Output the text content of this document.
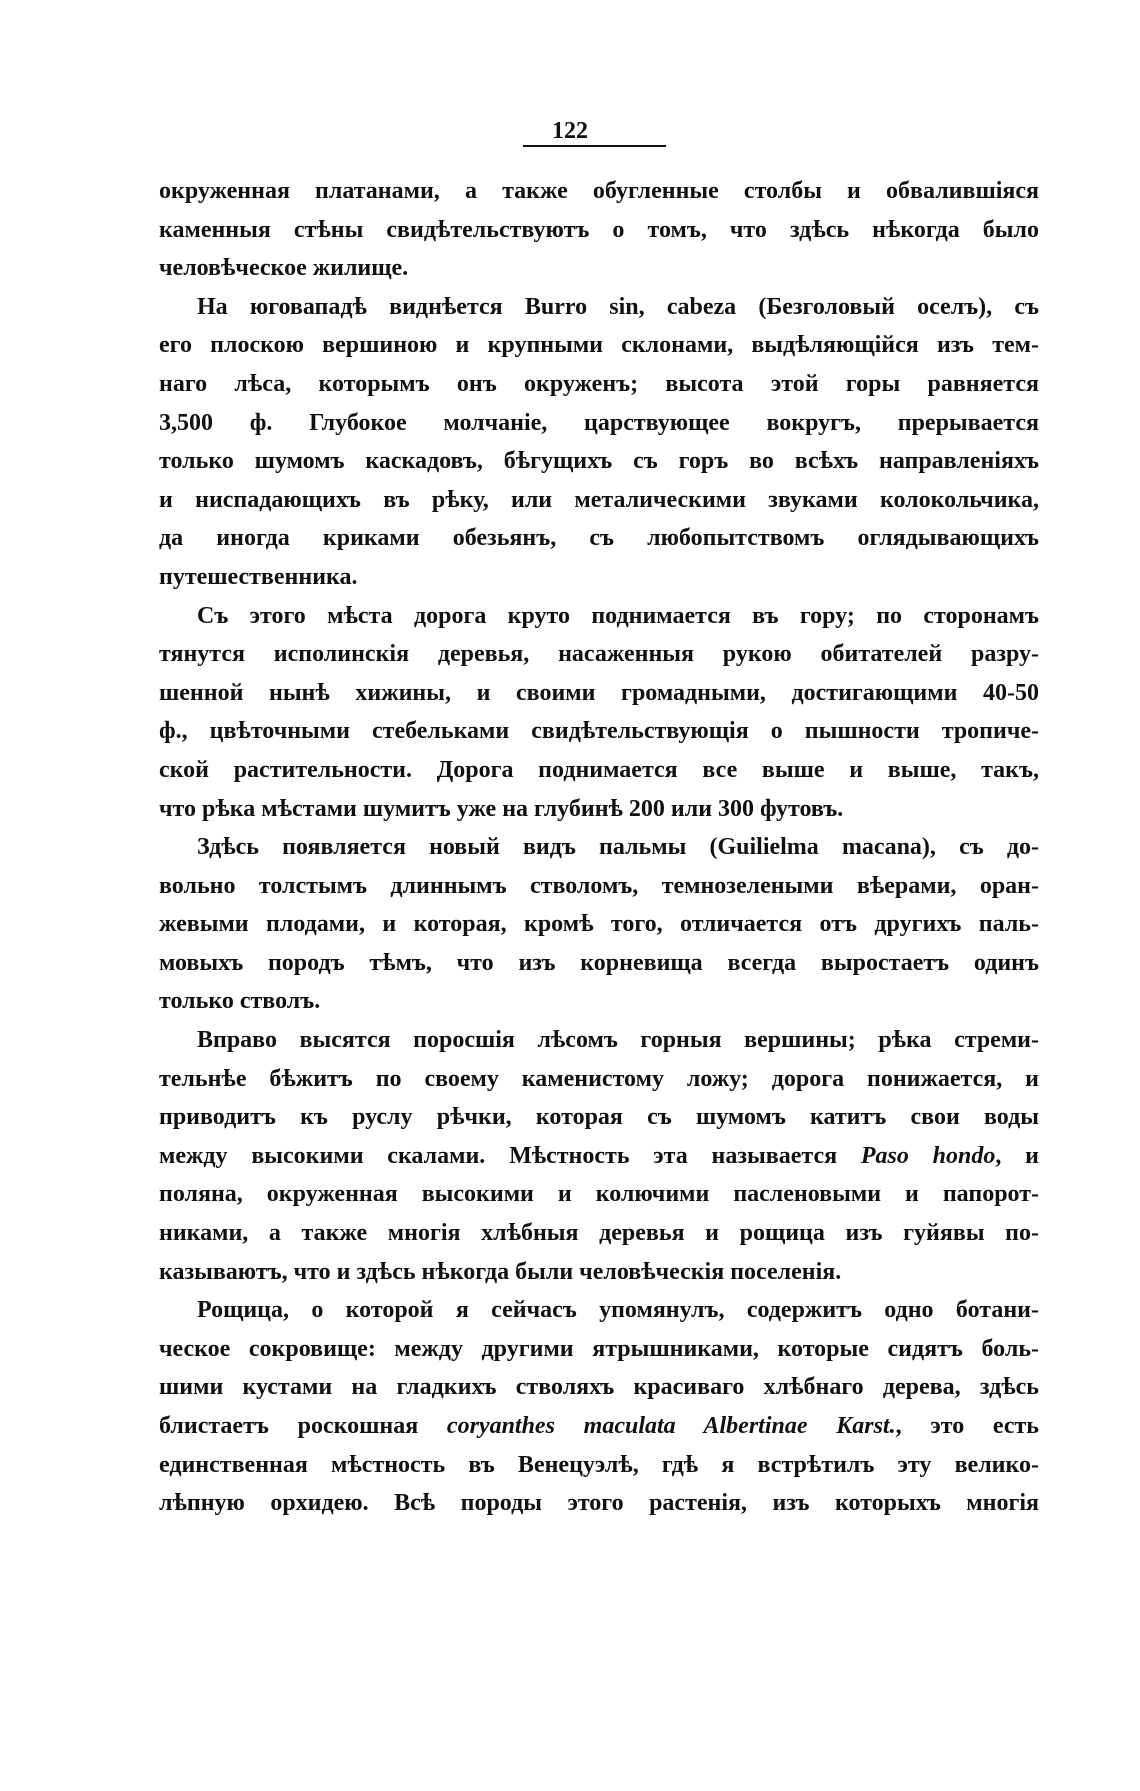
122

окруженная платанами, а также обугленные столбы и обвалившiяся
каменныя стѣны свидѣтельствуютъ о томъ, что здѣсь нѣкогда было
человѣческое жилище.

На юговападѣ виднѣется Burro sin, cabeza (Безголовый оселъ), съ
его плоскою вершиною и крупными склонами, выдѣляющiйся изъ тем-
наго лѣса, которымъ онъ окруженъ; высота этой горы равняется
3,500 ф. Глубокое молчанiе, царствующее вокругъ, прерывается
только шумомъ каскадовъ, бѣгущихъ съ горъ во всѣхъ направленiяхъ
и ниспадающихъ въ рѣку, или металическими звуками колокольчика,
да иногда криками обезьянъ, съ любопытствомъ оглядывающихъ
путешественника.

Съ этого мѣста дорога круто поднимается въ гору; по сторонамъ
тянутся исполинскiя деревья, насаженныя рукою обитателей разру-
шенной нынѣ хижины, и своими громадными, достигающими 40-50
ф., цвѣточными стебельками свидѣтельствующiя о пышности тропиче-
ской растительности. Дорога поднимается все выше и выше, такъ,
что рѣка мѣстами шумитъ уже на глубинѣ 200 или 300 футовъ.

Здѣсь появляется новый видъ пальмы (Guilielma macana), съ до-
вольно толстымъ длиннымъ стволомъ, темнозелеными вѣерами, оран-
жевыми плодами, и которая, кромѣ того, отличается отъ другихъ паль-
мовыхъ породъ тѣмъ, что изъ корневища всегда выростаетъ одинъ
только стволъ.

Вправо высятся поросшiя лѣсомъ горныя вершины; рѣка стреми-
тельнѣе бѣжитъ по своему каменистому ложу; дорога понижается, и
приводитъ къ руслу рѣчки, которая съ шумомъ катитъ свои воды
между высокими скалами. Мѣстность эта называется Paso hondo, и
поляна, окруженная высокими и колючими пасленовыми и папорот-
никами, а также многiя хлѣбныя деревья и рощица изъ гуйявы по-
казываютъ, что и здѣсь нѣкогда были человѣческiя поселенiя.

Рощица, о которой я сейчасъ упомянулъ, содержитъ одно ботани-
ческое сокровище: между другими ятрышниками, которые сидятъ боль-
шими кустами на гладкихъ стволяхъ красиваго хлѣбнаго дерева, здѣсь
блистаетъ роскошная coryanthes maculata Albertinae Karst., это есть
единственная мѣстность въ Венецуэлѣ, гдѣ я встрѣтилъ эту велико-
лѣпную орхидею. Всѣ породы этого растенiя, изъ которыхъ многiя
